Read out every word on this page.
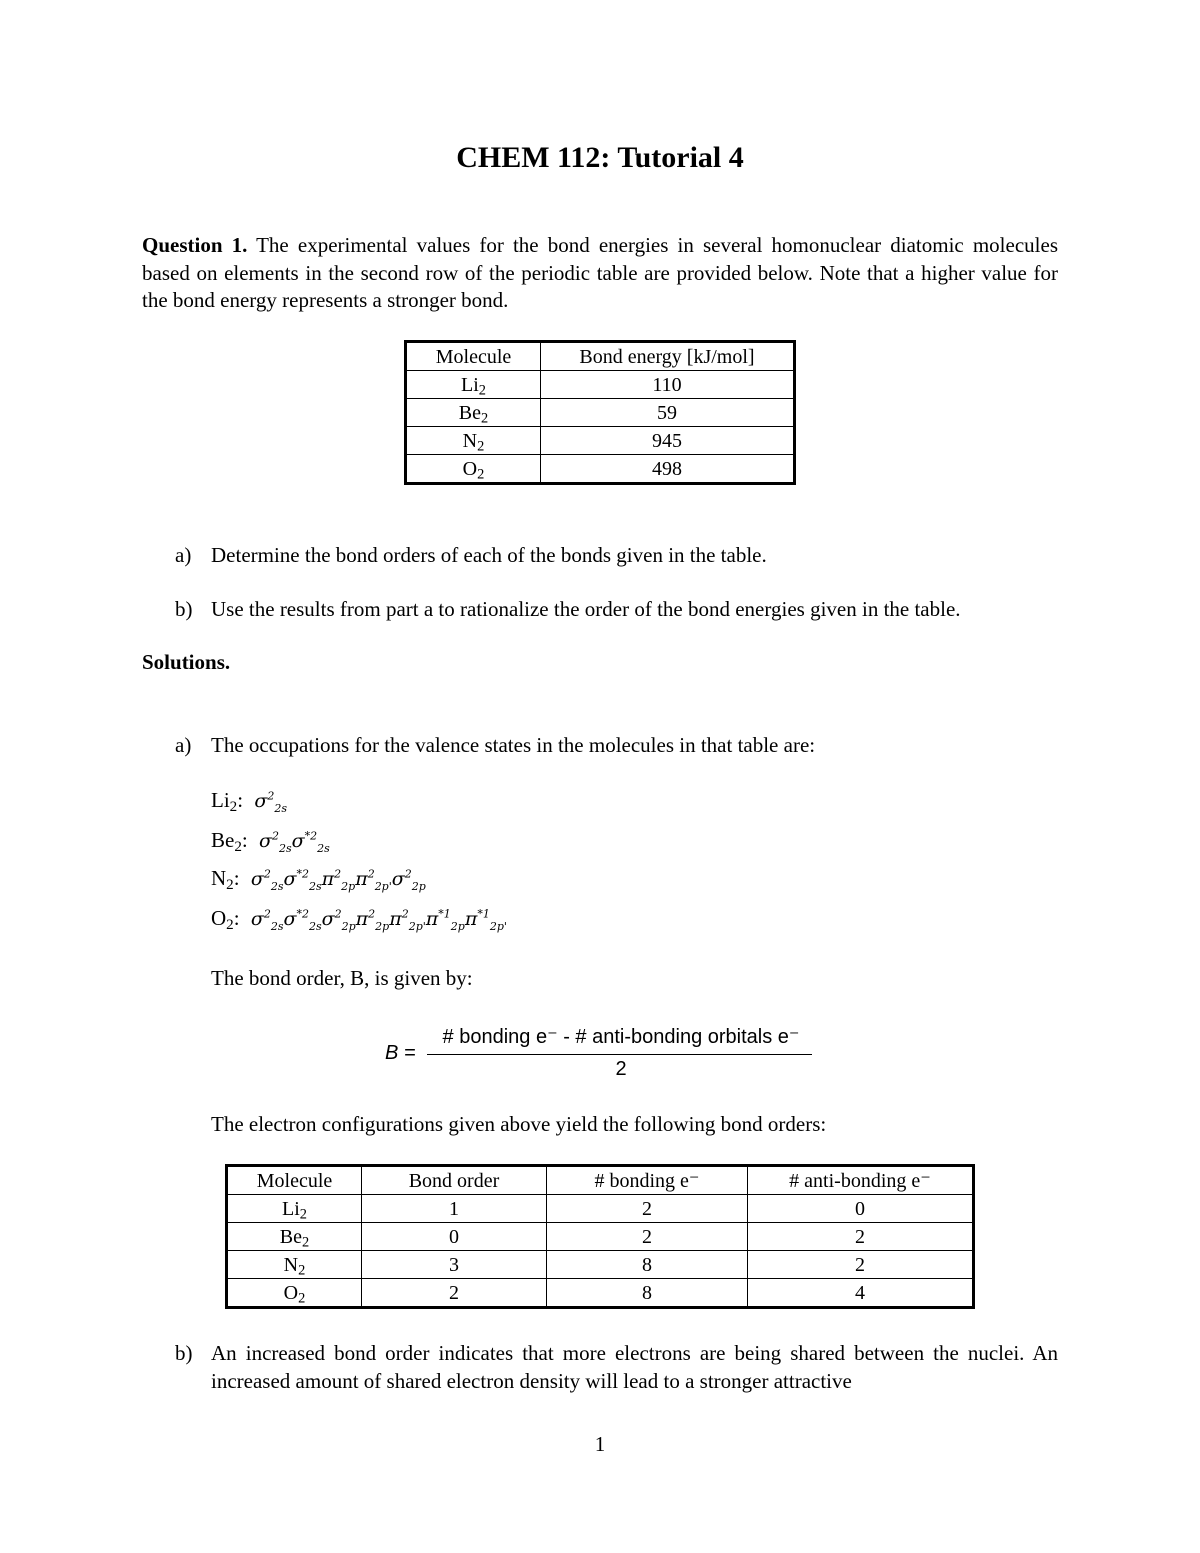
CHEM 112: Tutorial 4
Question 1. The experimental values for the bond energies in several homonuclear diatomic molecules based on elements in the second row of the periodic table are provided below. Note that a higher value for the bond energy represents a stronger bond.
Molecule	Bond energy [kJ/mol]
$Li_2$	110
$Be_2$	59
$N_2$	945
$O_2$	498
a) Determine the bond orders of each of the bonds given in the table.
b) Use the results from part a to rationalize the order of the bond energies given in the table.
Solutions.
a) The occupations for the valence states in the molecules in that table are:
$Li_2$:  $\sigma^2_{2s}$
$Be_2$:  $\sigma^2_{2s}\sigma^{*2}_{2s}$
$N_2$:  $\sigma^2_{2s}\sigma^{*2}_{2s}\pi^2_{2p}\pi^2_{2p'}\sigma^2_{2p}$
$O_2$:  $\sigma^2_{2s}\sigma^{*2}_{2s}\sigma^2_{2p}\pi^2_{2p}\pi^2_{2p'}\pi^{*1}_{2p}\pi^{*1}_{2p'}$
The bond order, B, is given by:
B =
# bonding e⁻ - # anti-bonding orbitals e⁻
2
The electron configurations given above yield the following bond orders:
Molecule	Bond order	# bonding e⁻	# anti-bonding e⁻
$Li_2$	1	2	0
$Be_2$	0	2	2
$N_2$	3	8	2
$O_2$	2	8	4
b) An increased bond order indicates that more electrons are being shared between the nuclei. An increased amount of shared electron density will lead to a stronger attractive
1
